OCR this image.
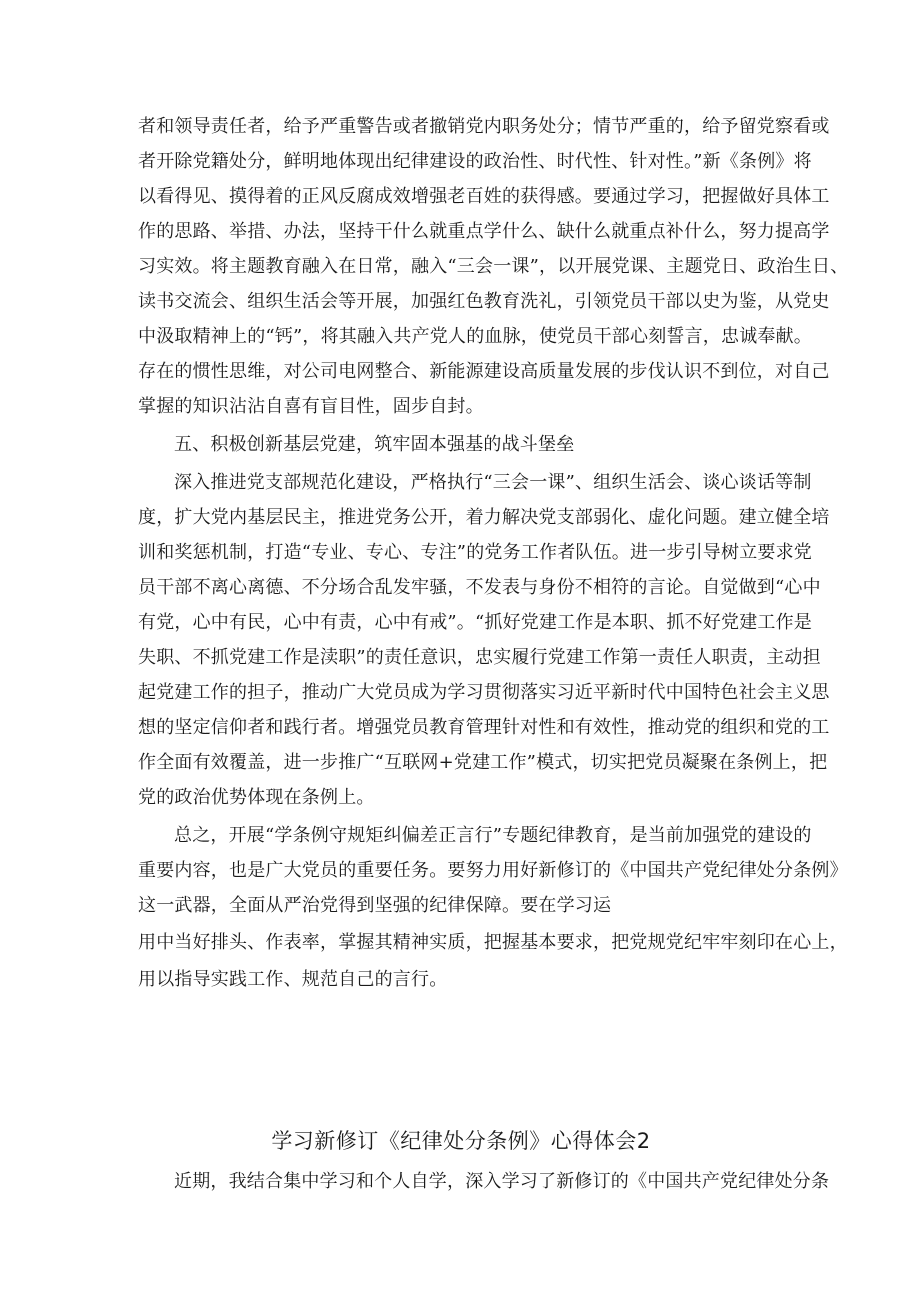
者和领导责任者，给予严重警告或者撤销党内职务处分；情节严重的，给予留党察看或
者开除党籍处分，鲜明地体现出纪律建设的政治性、时代性、针对性。”新《条例》将
以看得见、摸得着的正风反腐成效增强老百姓的获得感。要通过学习，把握做好具体工
作的思路、举措、办法，坚持干什么就重点学什么、缺什么就重点补什么，努力提高学
习实效。将主题教育融入在日常，融入“三会一课”，以开展党课、主题党日、政治生日、
读书交流会、组织生活会等开展，加强红色教育洗礼，引领党员干部以史为鉴，从党史
中汲取精神上的“钙”，将其融入共产党人的血脉，使党员干部心刻誓言，忠诚奉献。
存在的惯性思维，对公司电网整合、新能源建设高质量发展的步伐认识不到位，对自己
掌握的知识沾沾自喜有盲目性，固步自封。
五、积极创新基层党建，筑牢固本强基的战斗堡垒
深入推进党支部规范化建设，严格执行“三会一课”、组织生活会、谈心谈话等制
度，扩大党内基层民主，推进党务公开，着力解决党支部弱化、虚化问题。建立健全培
训和奖惩机制，打造“专业、专心、专注”的党务工作者队伍。进一步引导树立要求党
员干部不离心离德、不分场合乱发牢骚，不发表与身份不相符的言论。自觉做到“心中
有党，心中有民，心中有责，心中有戒”。“抓好党建工作是本职、抓不好党建工作是
失职、不抓党建工作是渎职”的责任意识，忠实履行党建工作第一责任人职责，主动担
起党建工作的担子，推动广大党员成为学习贯彻落实习近平新时代中国特色社会主义思
想的坚定信仰者和践行者。增强党员教育管理针对性和有效性，推动党的组织和党的工
作全面有效覆盖，进一步推广“互联网+党建工作”模式，切实把党员凝聚在条例上，把
党的政治优势体现在条例上。
总之，开展“学条例守规矩纠偏差正言行”专题纪律教育，是当前加强党的建设的
重要内容，也是广大党员的重要任务。要努力用好新修订的《中国共产党纪律处分条例》
这一武器，全面从严治党得到坚强的纪律保障。要在学习运
用中当好排头、作表率，掌握其精神实质，把握基本要求，把党规党纪牢牢刻印在心上，
用以指导实践工作、规范自己的言行。
学习新修订《纪律处分条例》心得体会2
近期，我结合集中学习和个人自学，深入学习了新修订的《中国共产党纪律处分条
